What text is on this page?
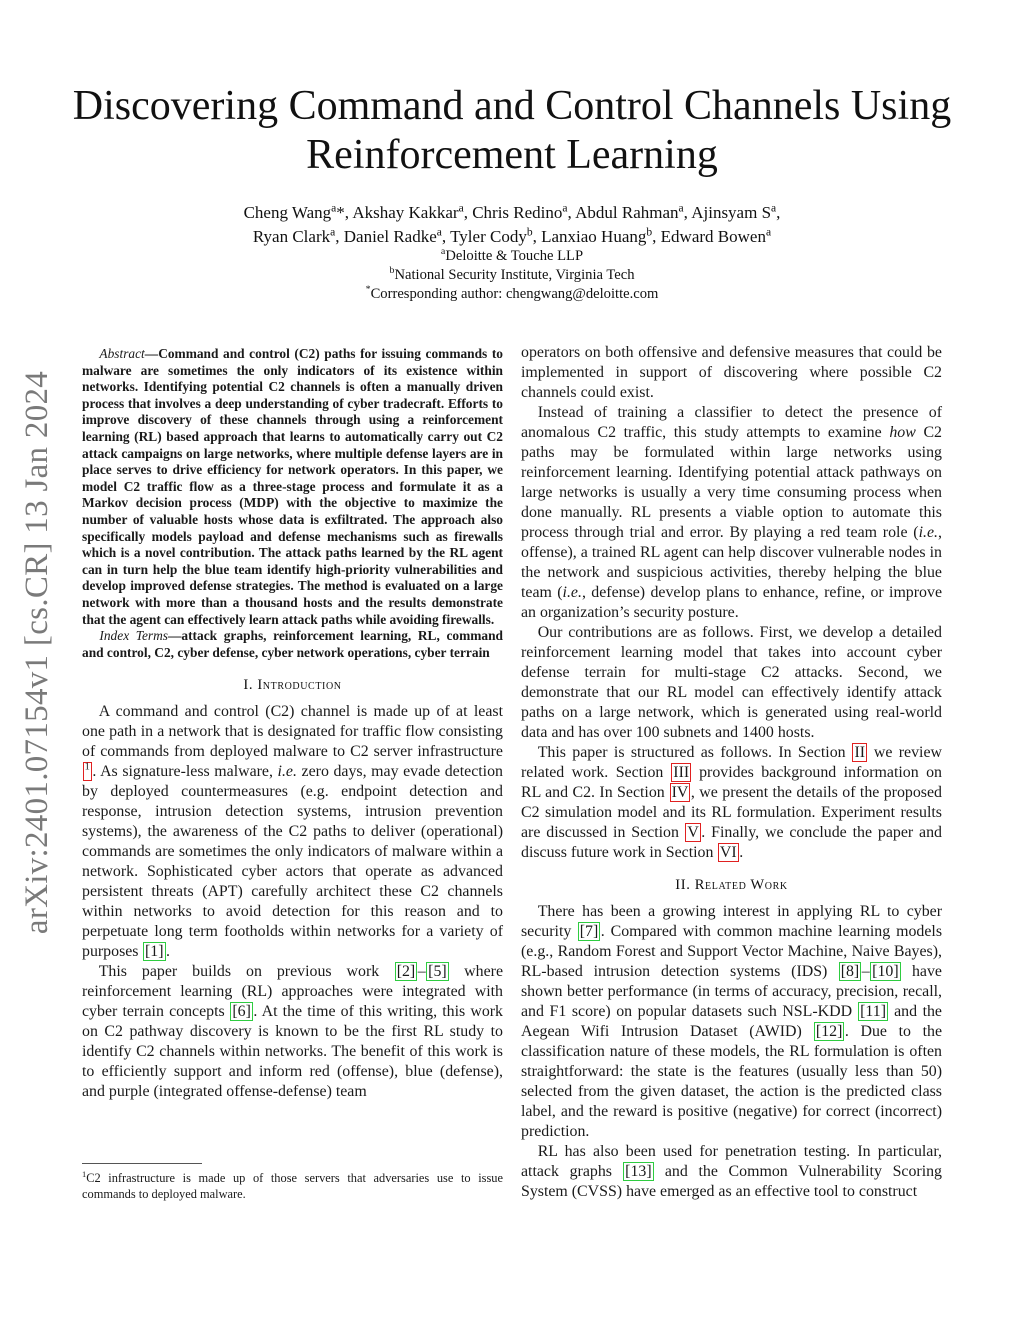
arXiv:2401.07154v1 [cs.CR] 13 Jan 2024
Discovering Command and Control Channels Using Reinforcement Learning
Cheng Wang$^a$*, Akshay Kakkar$^a$, Chris Redino$^a$, Abdul Rahman$^a$, Ajinsyam $S^a$,
Ryan Clark$^a$, Daniel Radke$^a$, Tyler Cody$^b$, Lanxiao Huang$^b$, Edward Bowen$^a$
$^a$Deloitte & Touche LLP
$^b$National Security Institute, Virginia Tech
*Corresponding author: chengwang@deloitte.com

Abstract—Command and control (C2) paths for issuing commands to malware are sometimes the only indicators of its existence within networks. Identifying potential C2 channels is often a manually driven process that involves a deep understanding of cyber tradecraft. Efforts to improve discovery of these channels through using a reinforcement learning (RL) based approach that learns to automatically carry out C2 attack campaigns on large networks, where multiple defense layers are in place serves to drive efficiency for network operators. In this paper, we model C2 traffic flow as a three-stage process and formulate it as a Markov decision process (MDP) with the objective to maximize the number of valuable hosts whose data is exfiltrated. The approach also specifically models payload and defense mechanisms such as firewalls which is a novel contribution. The attack paths learned by the RL agent can in turn help the blue team identify high-priority vulnerabilities and develop improved defense strategies. The method is evaluated on a large network with more than a thousand hosts and the results demonstrate that the agent can effectively learn attack paths while avoiding firewalls.

Index Terms—attack graphs, reinforcement learning, RL, command and control, C2, cyber defense, cyber network operations, cyber terrain

I. Introduction

A command and control (C2) channel is made up of at least one path in a network that is designated for traffic flow consisting of commands from deployed malware to C2 server infrastructure $^1$ . As signature-less malware, i.e. zero days, may evade detection by deployed countermeasures (e.g. endpoint detection and response, intrusion detection systems, intrusion prevention systems), the awareness of the C2 paths to deliver (operational) commands are sometimes the only indicators of malware within a network. Sophisticated cyber actors that operate as advanced persistent threats (APT) carefully architect these C2 channels within networks to avoid detection for this reason and to perpetuate long term footholds within networks for a variety of purposes [1] .

This paper builds on previous work [2] – [5] where reinforcement learning (RL) approaches were integrated with cyber terrain concepts [6] . At the time of this writing, this work on C2 pathway discovery is known to be the first RL study to identify C2 channels within networks. The benefit of this work is to efficiently support and inform red (offense), blue (defense), and purple (integrated offense-defense) team

$^1$C2 infrastructure is made up of those servers that adversaries use to issue commands to deployed malware.

operators on both offensive and defensive measures that could be implemented in support of discovering where possible C2 channels could exist.

Instead of training a classifier to detect the presence of anomalous C2 traffic, this study attempts to examine how C2 paths may be formulated within large networks using reinforcement learning. Identifying potential attack pathways on large networks is usually a very time consuming process when done manually. RL presents a viable option to automate this process through trial and error. By playing a red team role (i.e., offense), a trained RL agent can help discover vulnerable nodes in the network and suspicious activities, thereby helping the blue team (i.e., defense) develop plans to enhance, refine, or improve an organization’s security posture.

Our contributions are as follows. First, we develop a detailed reinforcement learning model that takes into account cyber defense terrain for multi-stage C2 attacks. Second, we demonstrate that our RL model can effectively identify attack paths on a large network, which is generated using real-world data and has over 100 subnets and 1400 hosts.

This paper is structured as follows. In Section II we review related work. Section III provides background information on RL and C2. In Section IV , we present the details of the proposed C2 simulation model and its RL formulation. Experiment results are discussed in Section V . Finally, we conclude the paper and discuss future work in Section VI .

II. Related Work

There has been a growing interest in applying RL to cyber security [7] . Compared with common machine learning models (e.g., Random Forest and Support Vector Machine, Naive Bayes), RL-based intrusion detection systems (IDS) [8] – [10] have shown better performance (in terms of accuracy, precision, recall, and F1 score) on popular datasets such NSL-KDD [11] and the Aegean Wifi Intrusion Dataset (AWID) [12] . Due to the classification nature of these models, the RL formulation is often straightforward: the state is the features (usually less than 50) selected from the given dataset, the action is the predicted class label, and the reward is positive (negative) for correct (incorrect) prediction.

RL has also been used for penetration testing. In particular, attack graphs [13] and the Common Vulnerability Scoring System (CVSS) have emerged as an effective tool to construct
